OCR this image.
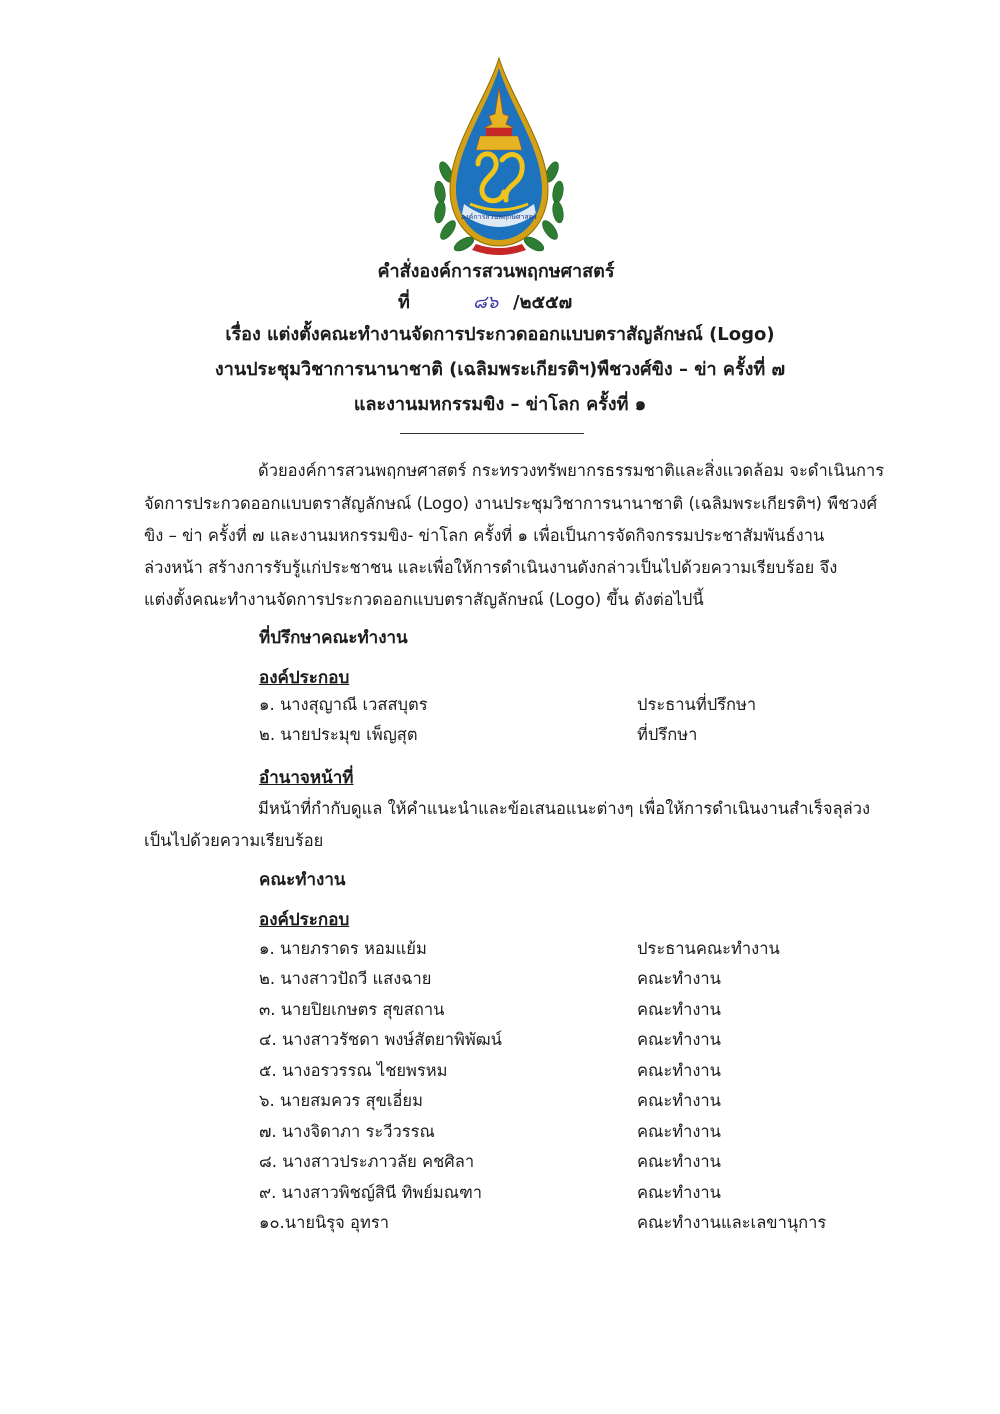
องค์การสวนพฤกษศาสตร์
คำสั่งองค์การสวนพฤกษศาสตร์
ที่	๘๖ /๒๕๕๗
เรื่อง แต่งตั้งคณะทำงานจัดการประกวดออกแบบตราสัญลักษณ์ (Logo)
งานประชุมวิชาการนานาชาติ (เฉลิมพระเกียรติฯ)พืชวงศ์ขิง – ข่า ครั้งที่ ๗
และงานมหกรรมขิง – ข่าโลก ครั้งที่ ๑
ด้วยองค์การสวนพฤกษศาสตร์ กระทรวงทรัพยากรธรรมชาติและสิ่งแวดล้อม จะดำเนินการ
จัดการประกวดออกแบบตราสัญลักษณ์ (Logo) งานประชุมวิชาการนานาชาติ (เฉลิมพระเกียรติฯ) พืชวงศ์
ขิง – ข่า ครั้งที่ ๗ และงานมหกรรมขิง- ข่าโลก ครั้งที่ ๑ เพื่อเป็นการจัดกิจกรรมประชาสัมพันธ์งาน
ล่วงหน้า สร้างการรับรู้แก่ประชาชน และเพื่อให้การดำเนินงานดังกล่าวเป็นไปด้วยความเรียบร้อย จึง
แต่งตั้งคณะทำงานจัดการประกวดออกแบบตราสัญลักษณ์ (Logo) ขึ้น ดังต่อไปนี้
ที่ปรึกษาคณะทำงาน
องค์ประกอบ
๑. นางสุญาณี เวสสบุตร	ประธานที่ปรึกษา
๒. นายประมุข เพ็ญสุต	ที่ปรึกษา
อำนาจหน้าที่
มีหน้าที่กำกับดูแล ให้คำแนะนำและข้อเสนอแนะต่างๆ เพื่อให้การดำเนินงานสำเร็จลุล่วง
เป็นไปด้วยความเรียบร้อย
คณะทำงาน
องค์ประกอบ
๑. นายภราดร หอมแย้ม	ประธานคณะทำงาน
๒. นางสาวปัถวี แสงฉาย	คณะทำงาน
๓. นายปิยเกษตร สุขสถาน	คณะทำงาน
๔. นางสาวรัชดา พงษ์สัตยาพิพัฒน์	คณะทำงาน
๕. นางอรวรรณ ไชยพรหม	คณะทำงาน
๖. นายสมควร สุขเอี่ยม	คณะทำงาน
๗. นางจิดาภา ระวีวรรณ	คณะทำงาน
๘. นางสาวประภาวลัย คชศิลา	คณะทำงาน
๙. นางสาวพิชญ์สินี ทิพย์มณฑา	คณะทำงาน
๑๐.นายนิรุจ อุทรา	คณะทำงานและเลขานุการ
